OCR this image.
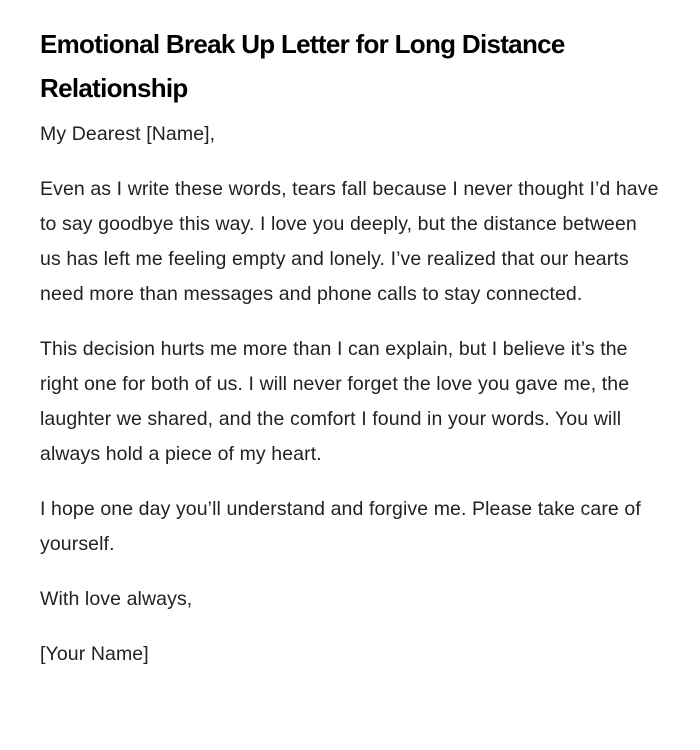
Emotional Break Up Letter for Long Distance Relationship

My Dearest [Name],

Even as I write these words, tears fall because I never thought I’d have to say goodbye this way. I love you deeply, but the distance between us has left me feeling empty and lonely. I’ve realized that our hearts need more than messages and phone calls to stay connected.

This decision hurts me more than I can explain, but I believe it’s the right one for both of us. I will never forget the love you gave me, the laughter we shared, and the comfort I found in your words. You will always hold a piece of my heart.

I hope one day you’ll understand and forgive me. Please take care of yourself.

With love always,

[Your Name]
